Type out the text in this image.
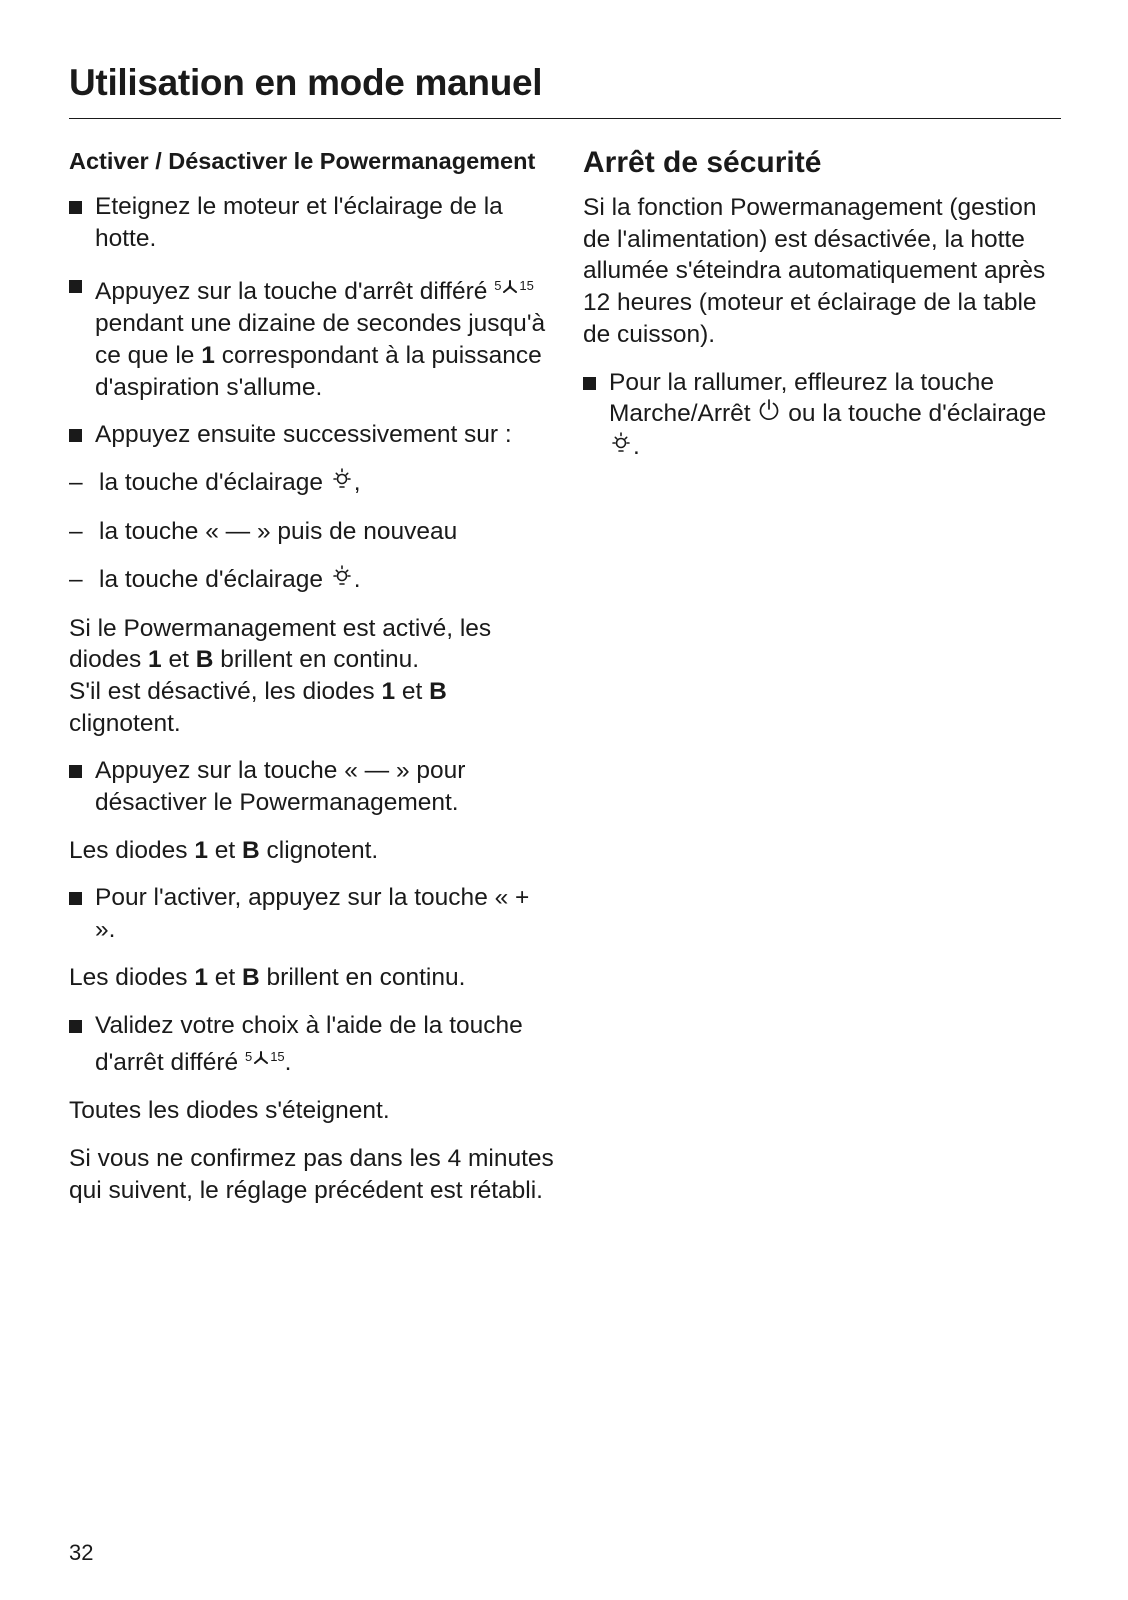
Utilisation en mode manuel
Activer / Désactiver le Powermanagement
Eteignez le moteur et l'éclairage de la hotte.
Appuyez sur la touche d'arrêt différé 5 15 pendant une dizaine de secondes jusqu'à ce que le 1 correspondant à la puissance d'aspiration s'allume.
Appuyez ensuite successivement sur :
– la touche d'éclairage ,
– la touche « — » puis de nouveau
– la touche d'éclairage .

Si le Powermanagement est activé, les diodes 1 et B brillent en continu.
S'il est désactivé, les diodes 1 et B clignotent.

Appuyez sur la touche « — » pour désactiver le Powermanagement.

Les diodes 1 et B clignotent.

Pour l'activer, appuyez sur la touche « + ».

Les diodes 1 et B brillent en continu.

Validez votre choix à l'aide de la touche d'arrêt différé 5 15.

Toutes les diodes s'éteignent.

Si vous ne confirmez pas dans les 4 minutes qui suivent, le réglage précédent est rétabli.

Arrêt de sécurité

Si la fonction Powermanagement (gestion de l'alimentation) est désactivée, la hotte allumée s'éteindra automatiquement après 12 heures (moteur et éclairage de la table de cuisson).

Pour la rallumer, effleurez la touche Marche/Arrêt ou la touche d'éclairage .
32
